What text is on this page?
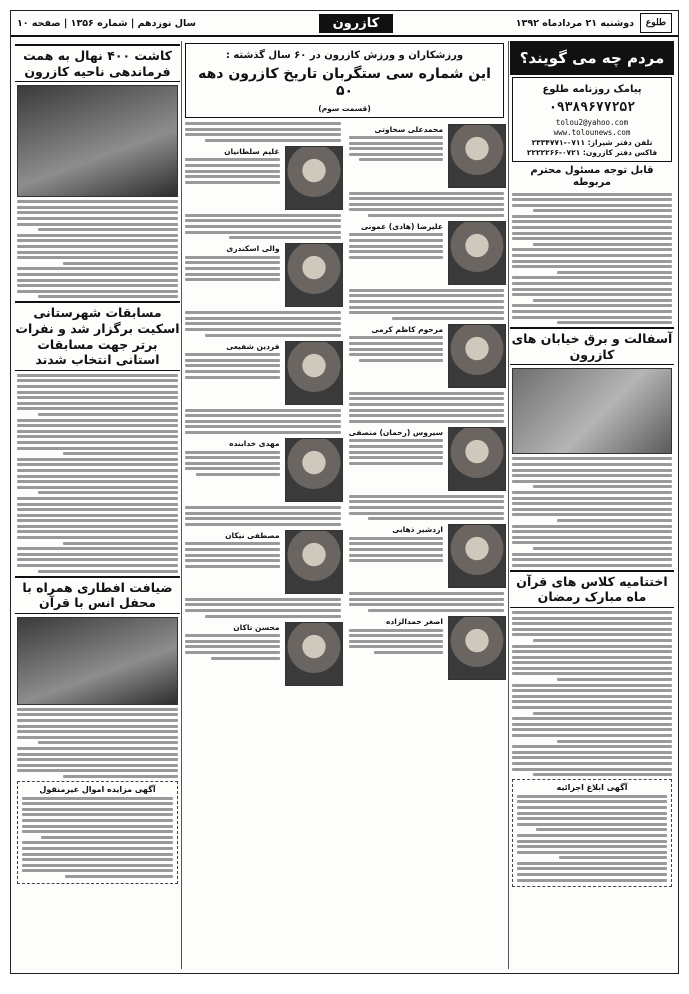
طلوع
دوشنبه ۲۱ مردادماه ۱۳۹۲
کازرون
سال نوزدهم | شماره ۱۳۵۶ | صفحه ۱۰
مردم چه می گویند؟
پیامک روزنامه طلوع
۰۹۳۸۹۶۷۷۲۵۲
tolou2@yahoo.com
www.tolounews.com
تلفن دفتر شیراز: ۰۷۱۱-۲۳۳۴۷۷۱
فاکس دفتر کازرون: ۰۷۲۱-۲۲۲۲۲۶۶
قابل توجه مسئول محترم مربوطه
آسفالت و برق خیابان های کازرون
اختتامیه کلاس های قرآن ماه مبارک رمضان
آگهی ابلاغ اجرائیه
ورزشکاران و ورزش کازرون در ۶۰ سال گذشته :
این شماره سی ستگربان تاریخ کازرون دهه ۵۰
(قسمت سوم)
محمدعلی سخاوتی
علیرضا (هادی) عمونی
مرحوم کاظم کرمی
سیروس (رحمان) منصفی
اردشیر ذهابی
اصغر حمدالزاده
غلیم سلطانیان
والی اسکندری
فردین شفیعی
مهدی خدابنده
مصطفی نیکان
محسن تاکان
کاشت ۴۰۰ نهال به همت فرماندهی ناحیه کازرون
مسابقات شهرستانی اسکیت برگزار شد و نفرات برتر جهت مسابقات استانی انتخاب شدند
ضیافت افطاری همراه با محفل انس با قرآن
آگهی مزایده اموال غیرمنقول
